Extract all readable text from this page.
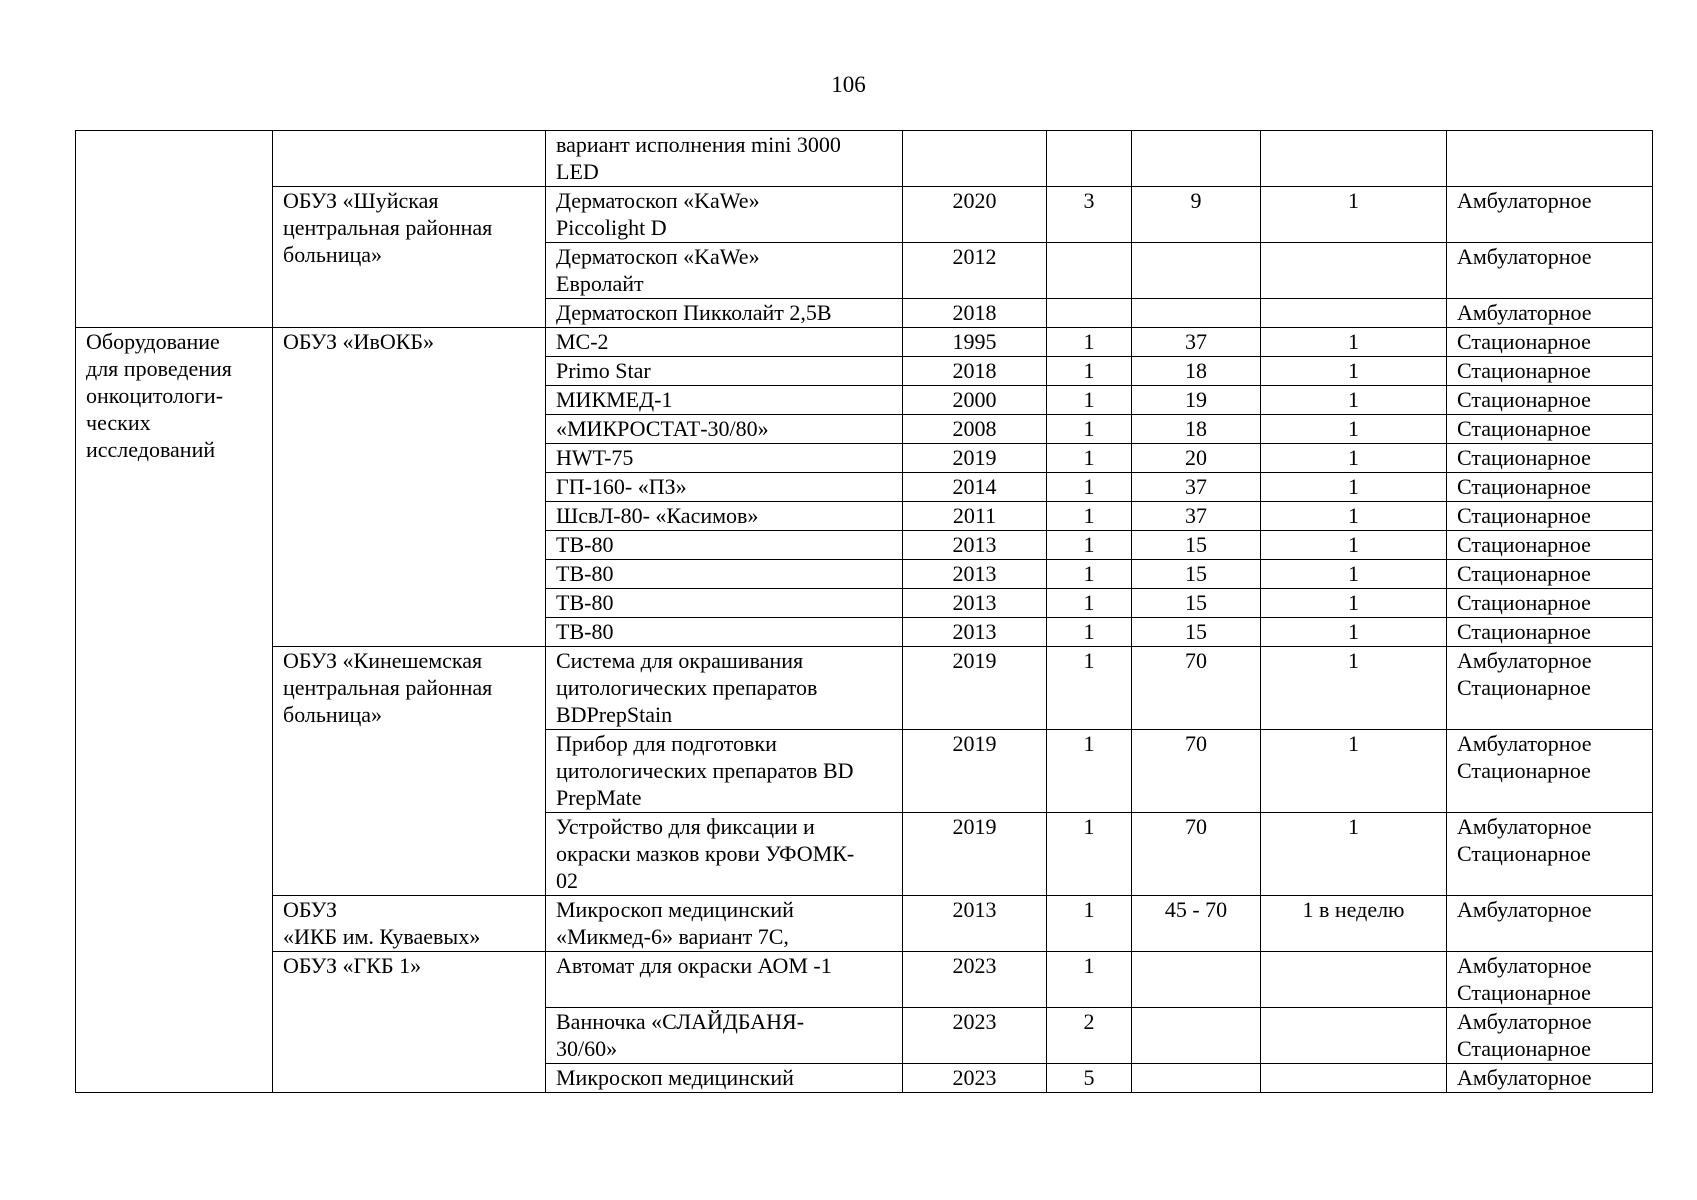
106

		вариант исполнения mini 3000
LED					

	ОБУЗ «Шуйская
центральная районная
больница»	Дерматоскоп «KaWe»
Piccolight D	2020	3	9	1	Амбулаторное

		Дерматоскоп «KaWe»
Евролайт	2012				Амбулаторное

		Дерматоскоп Пикколайт 2,5В	2018				Амбулаторное

Оборудование
для проведения
онкоцитологи-
ческих
исследований	ОБУЗ «ИвОКБ»	МС-2	1995	1	37	1	Стационарное

		Primo Star	2018	1	18	1	Стационарное

		МИКМЕД-1	2000	1	19	1	Стационарное

		«МИКРОСТАТ-30/80»	2008	1	18	1	Стационарное

		HWT-75	2019	1	20	1	Стационарное

		ГП-160- «ПЗ»	2014	1	37	1	Стационарное

		ШсвЛ-80- «Касимов»	2011	1	37	1	Стационарное

		ТВ-80	2013	1	15	1	Стационарное

		ТВ-80	2013	1	15	1	Стационарное

		ТВ-80	2013	1	15	1	Стационарное

		ТВ-80	2013	1	15	1	Стационарное

	ОБУЗ «Кинешемская
центральная районная
больница»	Система для окрашивания
цитологических препаратов
BDPrepStain	2019	1	70	1	Амбулаторное
Стационарное

		Прибор для подготовки
цитологических препаратов BD
PrepMate	2019	1	70	1	Амбулаторное
Стационарное

		Устройство для фиксации и
окраски мазков крови УФОМК-
02	2019	1	70	1	Амбулаторное
Стационарное

	ОБУЗ
«ИКБ им. Куваевых»	Микроскоп медицинский
«Микмед-6» вариант 7С,	2013	1	45 - 70	1 в неделю	Амбулаторное

	ОБУЗ «ГКБ 1»	Автомат для окраски АОМ -1	2023	1			Амбулаторное
Стационарное

		Ванночка «СЛАЙДБАНЯ-
30/60»	2023	2			Амбулаторное
Стационарное

		Микроскоп медицинский	2023	5			Амбулаторное
